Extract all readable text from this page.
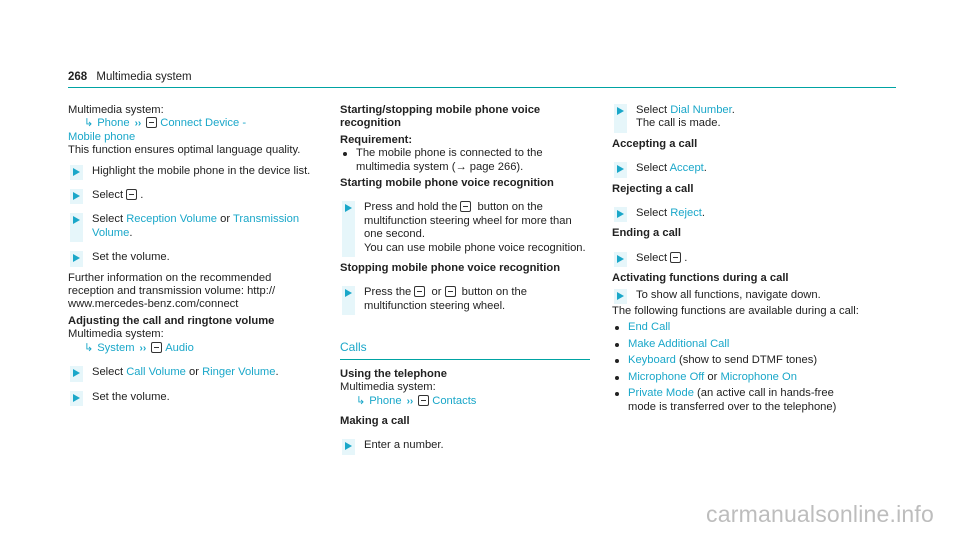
268 Multimedia system
Multimedia system:
↳ Phone ›› Connect Device -
Mobile phone
This function ensures optimal language quality.
Highlight the mobile phone in the device list.
Select .
Select Reception Volume or Transmission
Volume.
Set the volume.
Further information on the recommended reception and transmission volume: http://
www.mercedes-benz.com/connect
Adjusting the call and ringtone volume
Multimedia system:
↳ System ›› Audio
Select Call Volume or Ringer Volume.
Set the volume.
Starting/stopping mobile phone voice recognition
Requirement:
The mobile phone is connected to the multimedia system (→ page 266).
Starting mobile phone voice recognition
Press and hold the button on the multifunction steering wheel for more than one second.
You can use mobile phone voice recognition.
Stopping mobile phone voice recognition
Press the or button on the multifunction steering wheel.
Calls
Using the telephone
Multimedia system:
↳ Phone ›› Contacts
Making a call
Enter a number.
Select Dial Number.
The call is made.
Accepting a call
Select Accept.
Rejecting a call
Select Reject.
Ending a call
Select .
Activating functions during a call
To show all functions, navigate down.
The following functions are available during a call:
End Call
Make Additional Call
Keyboard (show to send DTMF tones)
Microphone Off or Microphone On
Private Mode (an active call in hands-free mode is transferred over to the telephone)
carmanualsonline.info
